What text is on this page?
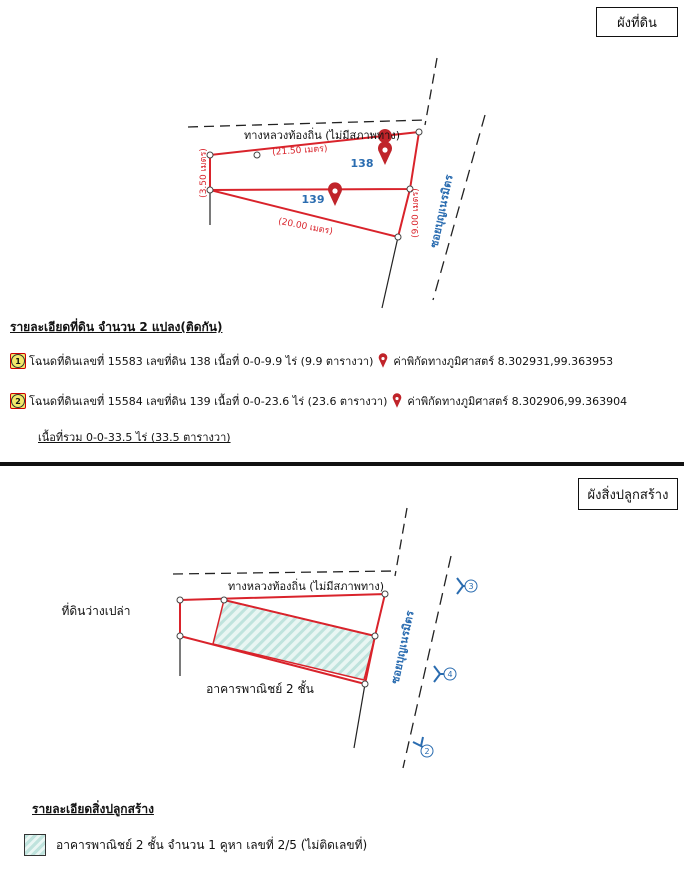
ผังที่ดิน
ทางหลวงท้องถิ่น (ไม่มีสภาพทาง)
(21.50 เมตร)
(20.00 เมตร)
(3.50 เมตร)
(9.00 เมตร)
138
139	ซอยบุญเนรมิตร
รายละเอียดที่ดิน จำนวน 2 แปลง(ติดกัน)
1 โฉนดที่ดินเลขที่ 15583 เลขที่ดิน 138 เนื้อที่ 0-0-9.9 ไร่ (9.9 ตารางวา) ค่าพิกัดทางภูมิศาสตร์ 8.302931,99.363953
2 โฉนดที่ดินเลขที่ 15584 เลขที่ดิน 139 เนื้อที่ 0-0-23.6 ไร่ (23.6 ตารางวา) ค่าพิกัดทางภูมิศาสตร์ 8.302906,99.363904
เนื้อที่รวม 0-0-33.5 ไร่ (33.5 ตารางวา)
ผังสิ่งปลูกสร้าง
ทางหลวงท้องถิ่น (ไม่มีสภาพทาง)
ที่ดินว่างเปล่า
อาคารพาณิชย์ 2 ชั้น
ซอยบุญเนรมิตร
3
4
2
รายละเอียดสิ่งปลูกสร้าง
อาคารพาณิชย์ 2 ชั้น จำนวน 1 คูหา เลขที่ 2/5 (ไม่ติดเลขที่)
